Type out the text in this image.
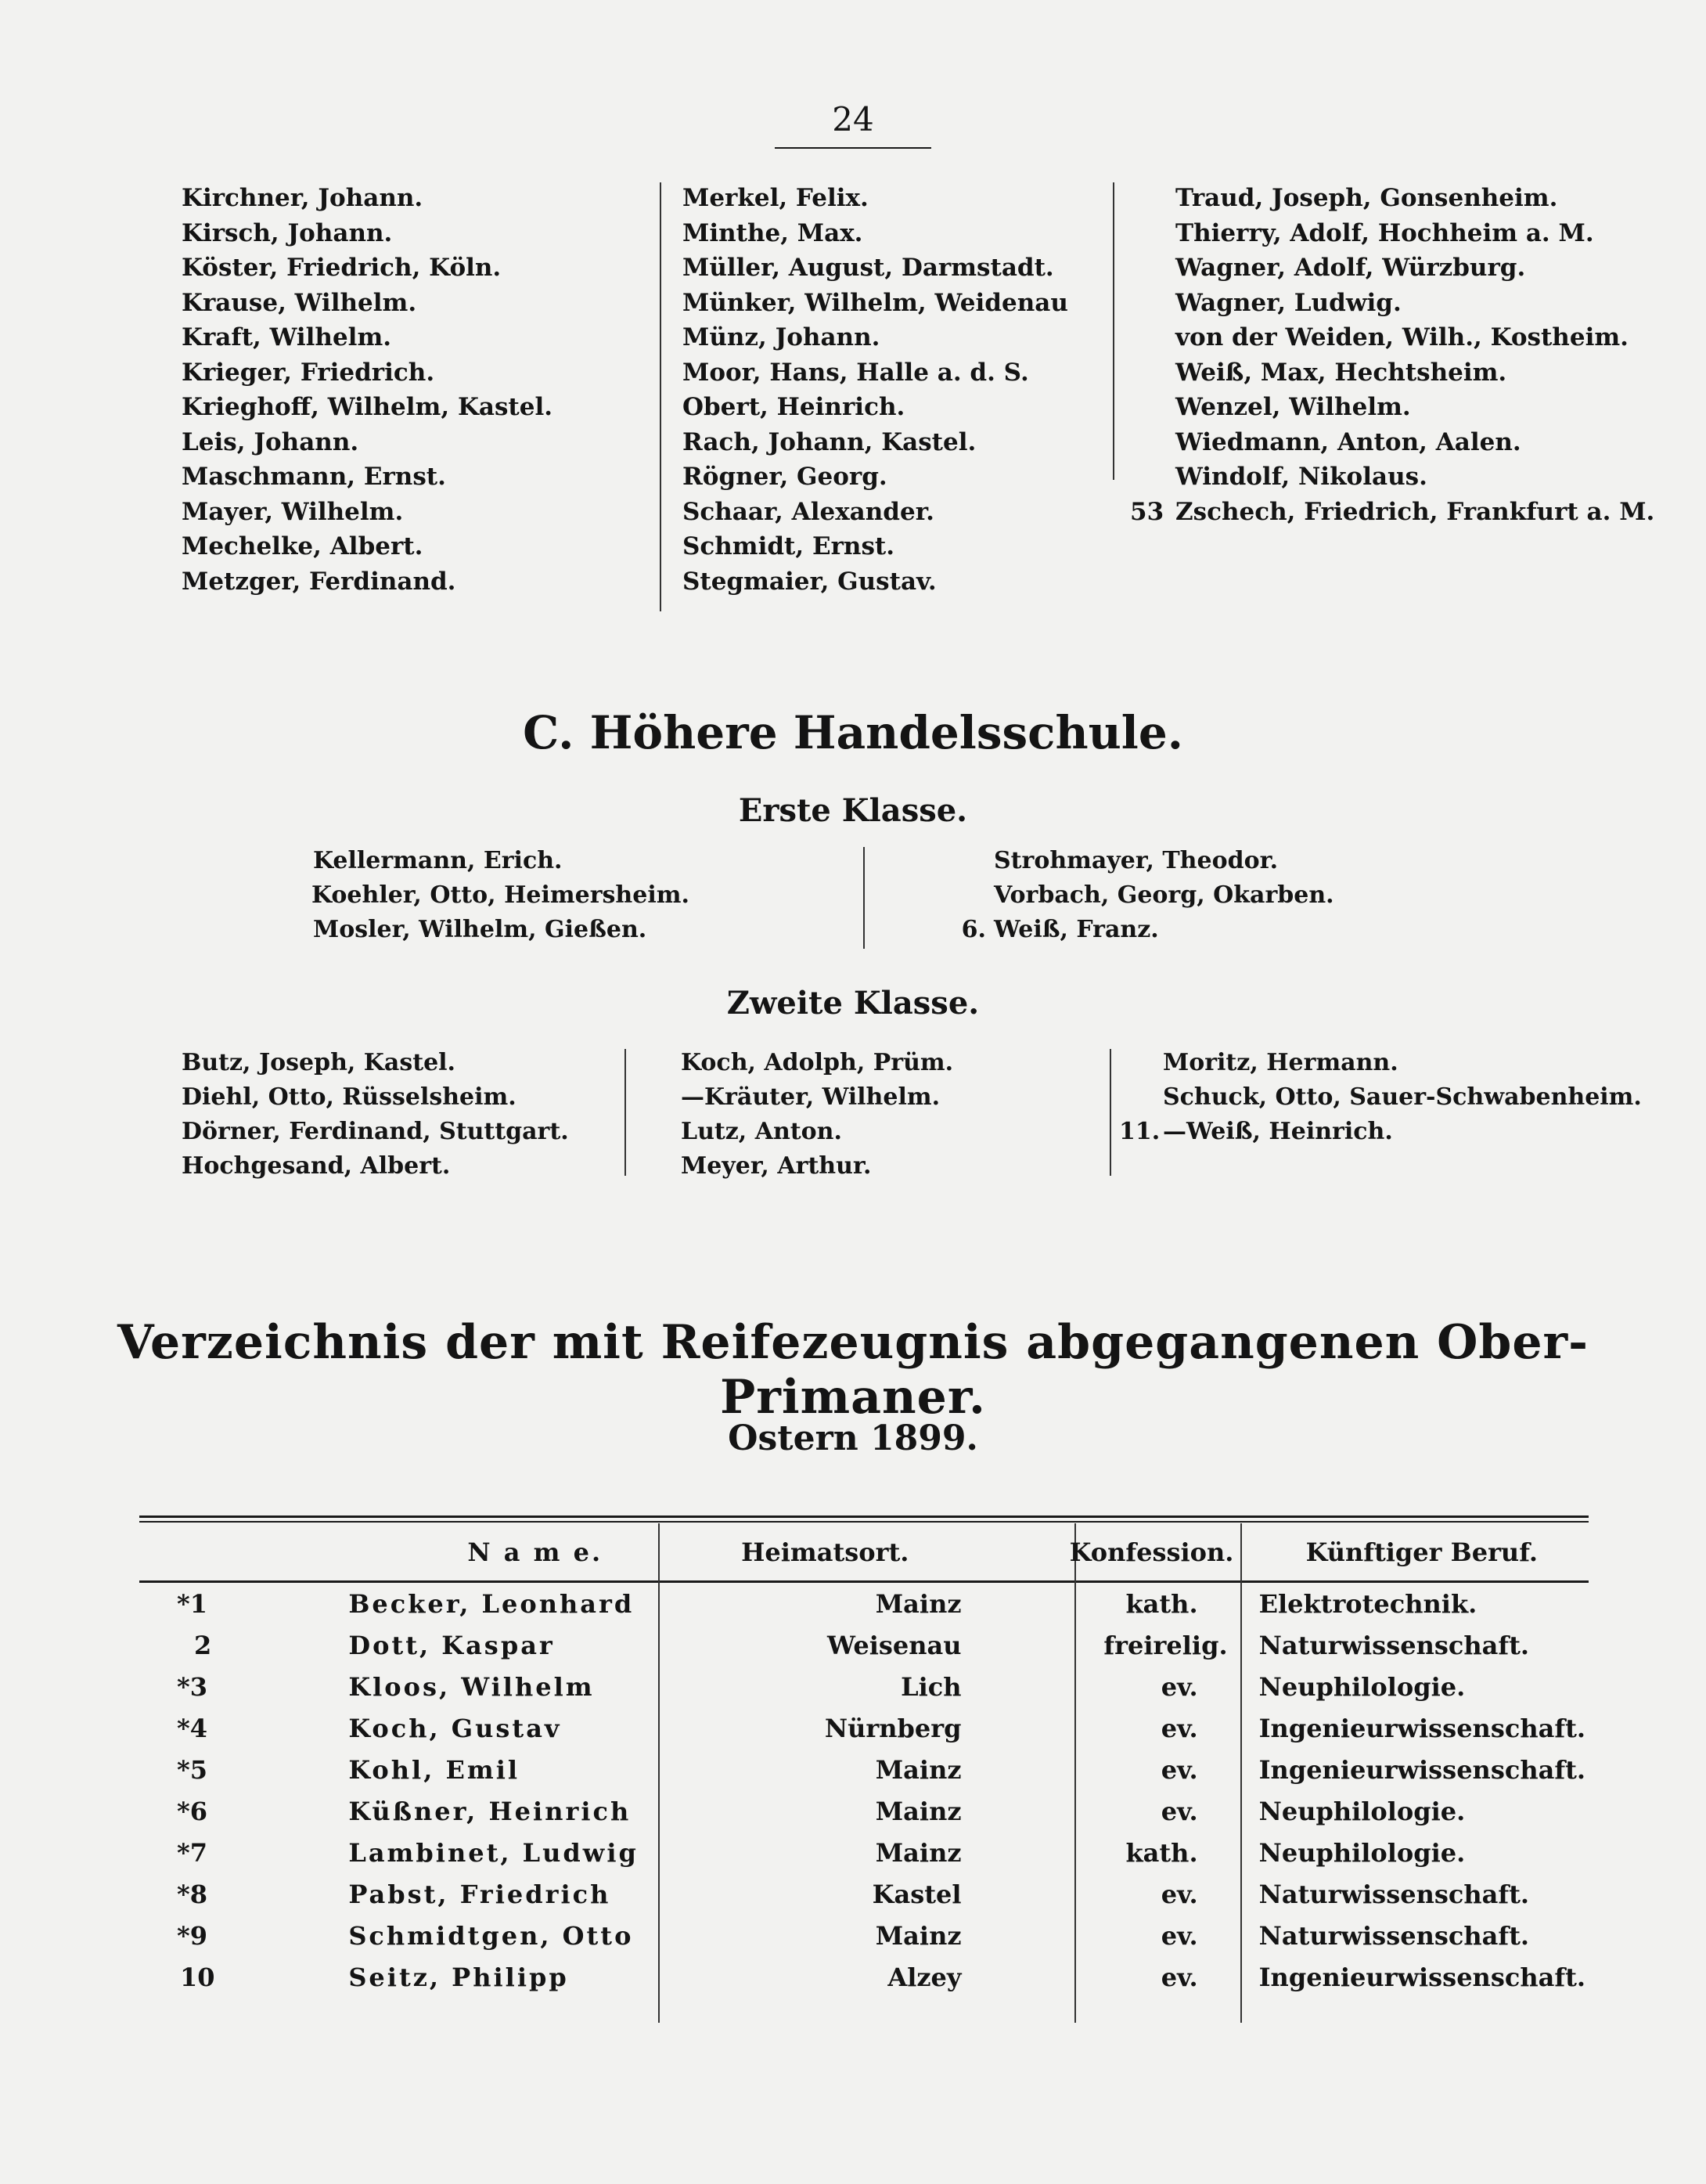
24
Kirchner, Johann.
Kirsch, Johann.
Köster, Friedrich, Köln.
Krause, Wilhelm.
Kraft, Wilhelm.
Krieger, Friedrich.
Krieghoff, Wilhelm, Kastel.
Leis, Johann.
Maschmann, Ernst.
Mayer, Wilhelm.
Mechelke, Albert.
Metzger, Ferdinand.
Merkel, Felix.
Minthe, Max.
Müller, August, Darmstadt.
Münker, Wilhelm, Weidenau
Münz, Johann.
Moor, Hans, Halle a. d. S.
Obert, Heinrich.
Rach, Johann, Kastel.
Rögner, Georg.
Schaar, Alexander.
Schmidt, Ernst.
Stegmaier, Gustav.
Traud, Joseph, Gonsenheim.
Thierry, Adolf, Hochheim a. M.
Wagner, Adolf, Würzburg.
Wagner, Ludwig.
von der Weiden, Wilh., Kostheim.
Weiß, Max, Hechtsheim.
Wenzel, Wilhelm.
Wiedmann, Anton, Aalen.
Windolf, Nikolaus.
53 Zschech, Friedrich, Frankfurt a. M.
C. Höhere Handelsschule.
Erste Klasse.
Kellermann, Erich.
Koehler, Otto, Heimersheim.
Mosler, Wilhelm, Gießen.
Strohmayer, Theodor.
Vorbach, Georg, Okarben.
6. Weiß, Franz.
Zweite Klasse.
Butz, Joseph, Kastel.
Diehl, Otto, Rüsselsheim.
Dörner, Ferdinand, Stuttgart.
Hochgesand, Albert.
Koch, Adolph, Prüm.
—Kräuter, Wilhelm.
Lutz, Anton.
Meyer, Arthur.
Moritz, Hermann.
Schuck, Otto, Sauer-Schwabenheim.
11. —Weiß, Heinrich.
Verzeichnis der mit Reifezeugnis abgegangenen Ober-Primaner.
Ostern 1899.
	N a m e.	Heimatsort.	Konfession.	Künftiger Beruf.
*1	Becker, Leonhard	Mainz	kath.	Elektrotechnik.
2	Dott, Kaspar	Weisenau	freirelig.	Naturwissenschaft.
*3	Kloos, Wilhelm	Lich	ev.	Neuphilologie.
*4	Koch, Gustav	Nürnberg	ev.	Ingenieurwissenschaft.
*5	Kohl, Emil	Mainz	ev.	Ingenieurwissenschaft.
*6	Küßner, Heinrich	Mainz	ev.	Neuphilologie.
*7	Lambinet, Ludwig	Mainz	kath.	Neuphilologie.
*8	Pabst, Friedrich	Kastel	ev.	Naturwissenschaft.
*9	Schmidtgen, Otto	Mainz	ev.	Naturwissenschaft.
10	Seitz, Philipp	Alzey	ev.	Ingenieurwissenschaft.
